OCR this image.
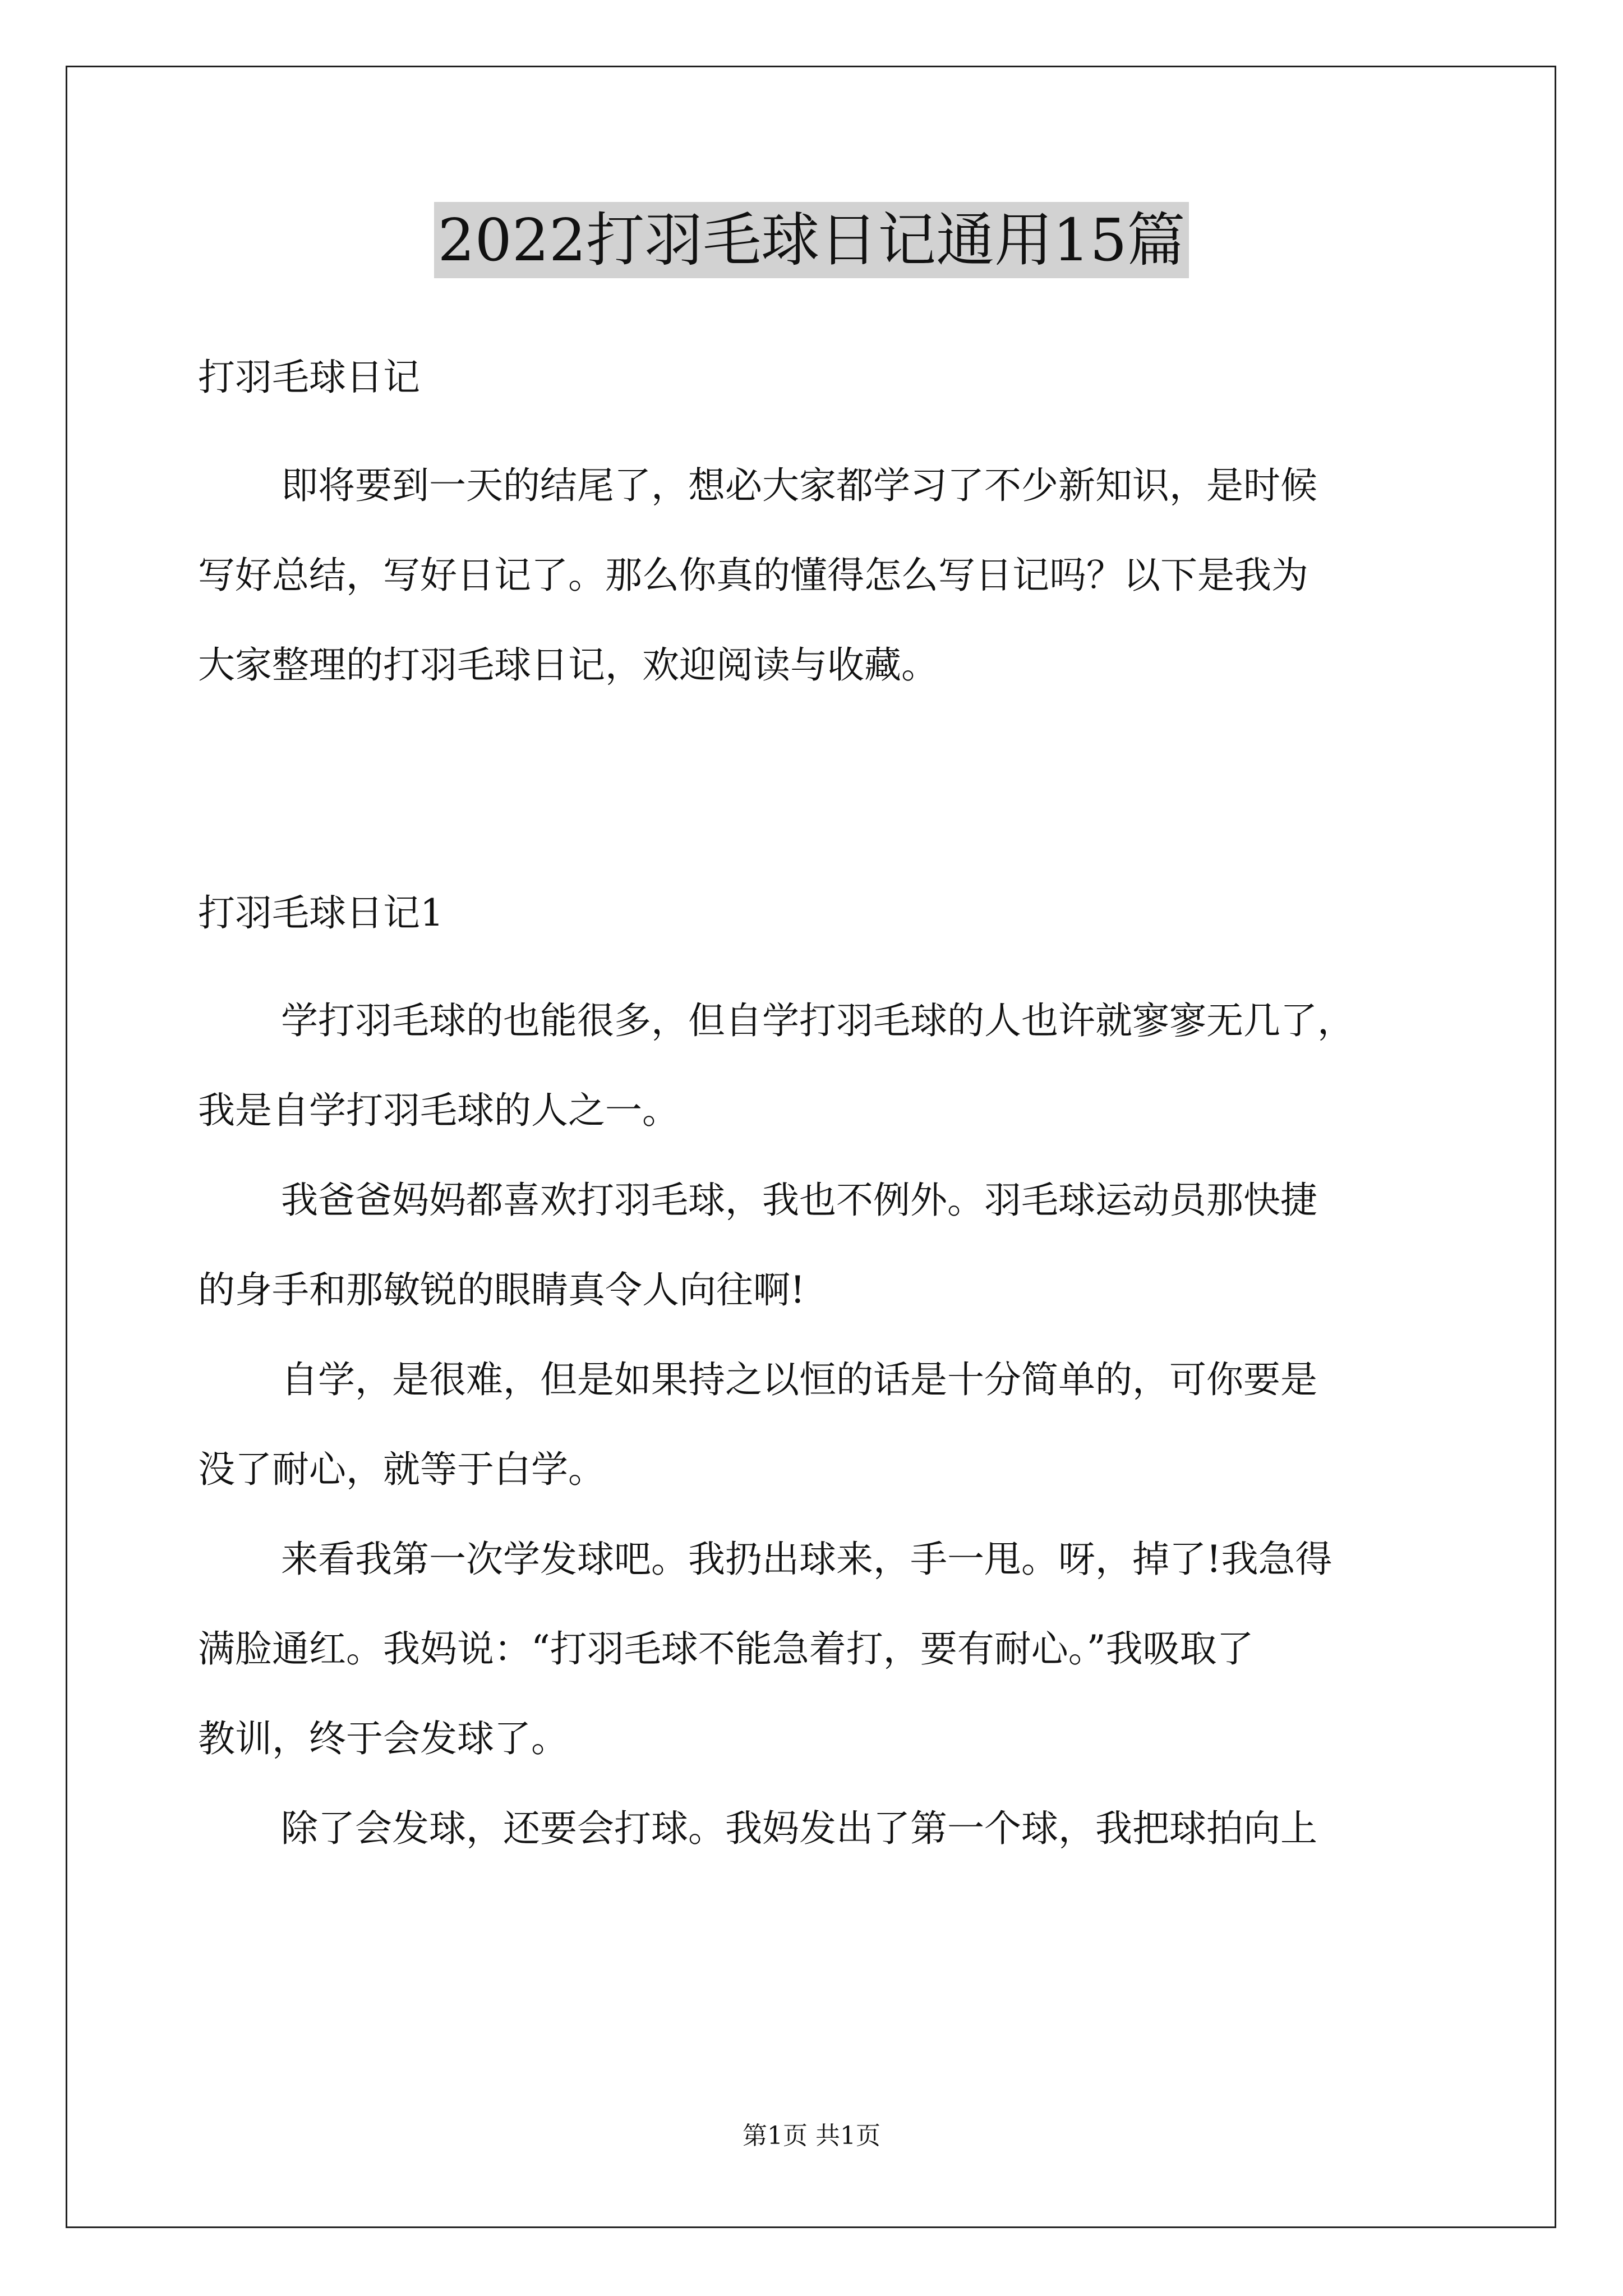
2022打羽毛球日记通用15篇
打羽毛球日记
即将要到一天的结尾了，想必大家都学习了不少新知识，是时候
写好总结，写好日记了。那么你真的懂得怎么写日记吗？以下是我为
大家整理的打羽毛球日记，欢迎阅读与收藏。
打羽毛球日记1
学打羽毛球的也能很多，但自学打羽毛球的人也许就寥寥无几了，
我是自学打羽毛球的人之一。
我爸爸妈妈都喜欢打羽毛球，我也不例外。羽毛球运动员那快捷
的身手和那敏锐的眼睛真令人向往啊!
自学，是很难，但是如果持之以恒的话是十分简单的，可你要是
没了耐心，就等于白学。
来看我第一次学发球吧。我扔出球来，手一甩。呀，掉了!我急得
满脸通红。我妈说：“打羽毛球不能急着打，要有耐心。”我吸取了
教训，终于会发球了。
除了会发球，还要会打球。我妈发出了第一个球，我把球拍向上
第1页 共1页
